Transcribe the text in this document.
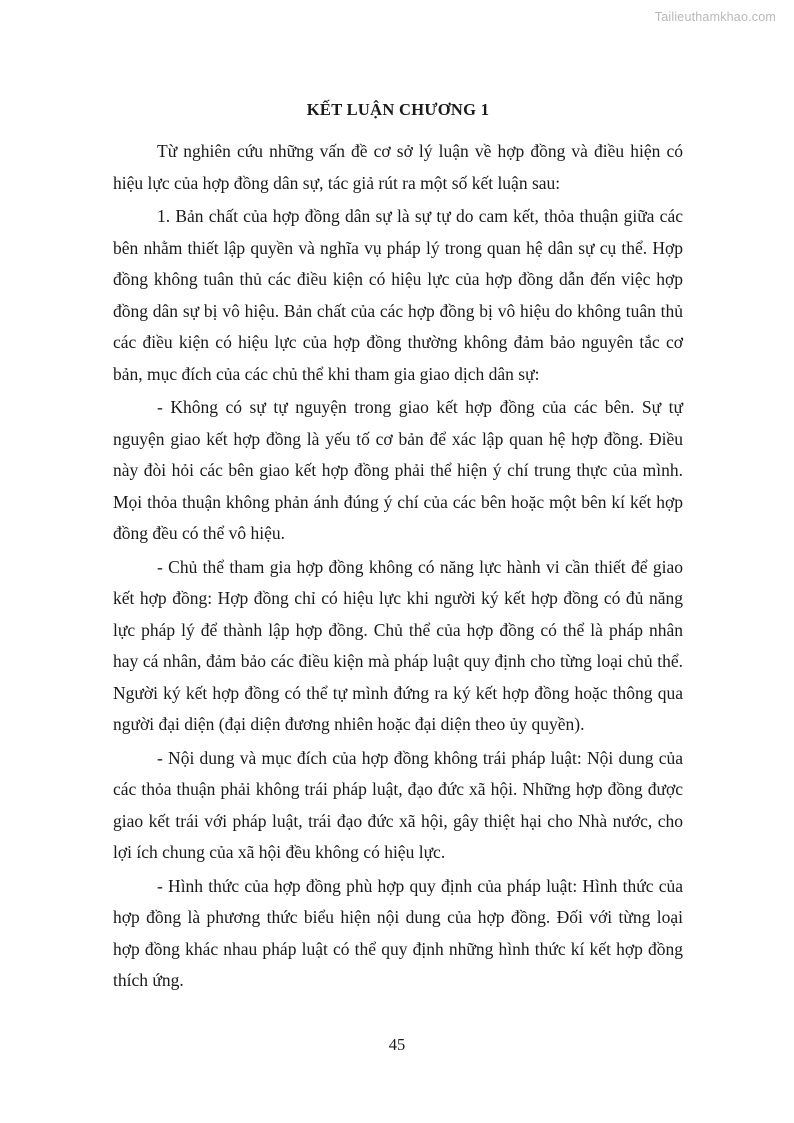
Tailieuthamkhao.com
KẾT LUẬN CHƯƠNG 1

Từ nghiên cứu những vấn đề cơ sở lý luận về hợp đồng và điều hiện có hiệu lực của hợp đồng dân sự, tác giả rút ra một số kết luận sau:

1. Bản chất của hợp đồng dân sự là sự tự do cam kết, thỏa thuận giữa các bên nhằm thiết lập quyền và nghĩa vụ pháp lý trong quan hệ dân sự cụ thể. Hợp đồng không tuân thủ các điều kiện có hiệu lực của hợp đồng dẫn đến việc hợp đồng dân sự bị vô hiệu. Bản chất của các hợp đồng bị vô hiệu do không tuân thủ các điều kiện có hiệu lực của hợp đồng thường không đảm bảo nguyên tắc cơ bản, mục đích của các chủ thể khi tham gia giao dịch dân sự:

- Không có sự tự nguyện trong giao kết hợp đồng của các bên. Sự tự nguyện giao kết hợp đồng là yếu tố cơ bản để xác lập quan hệ hợp đồng. Điều này đòi hỏi các bên giao kết hợp đồng phải thể hiện ý chí trung thực của mình. Mọi thỏa thuận không phản ánh đúng ý chí của các bên hoặc một bên kí kết hợp đồng đều có thể vô hiệu.

- Chủ thể tham gia hợp đồng không có năng lực hành vi cần thiết để giao kết hợp đồng: Hợp đồng chỉ có hiệu lực khi người ký kết hợp đồng có đủ năng lực pháp lý để thành lập hợp đồng. Chủ thể của hợp đồng có thể là pháp nhân hay cá nhân, đảm bảo các điều kiện mà pháp luật quy định cho từng loại chủ thể. Người ký kết hợp đồng có thể tự mình đứng ra ký kết hợp đồng hoặc thông qua người đại diện (đại diện đương nhiên hoặc đại diện theo ủy quyền).

- Nội dung và mục đích của hợp đồng không trái pháp luật: Nội dung của các thỏa thuận phải không trái pháp luật, đạo đức xã hội. Những hợp đồng được giao kết trái với pháp luật, trái đạo đức xã hội, gây thiệt hại cho Nhà nước, cho lợi ích chung của xã hội đều không có hiệu lực.

- Hình thức của hợp đồng phù hợp quy định của pháp luật: Hình thức của hợp đồng là phương thức biểu hiện nội dung của hợp đồng. Đối với từng loại hợp đồng khác nhau pháp luật có thể quy định những hình thức kí kết hợp đồng thích ứng.

45
